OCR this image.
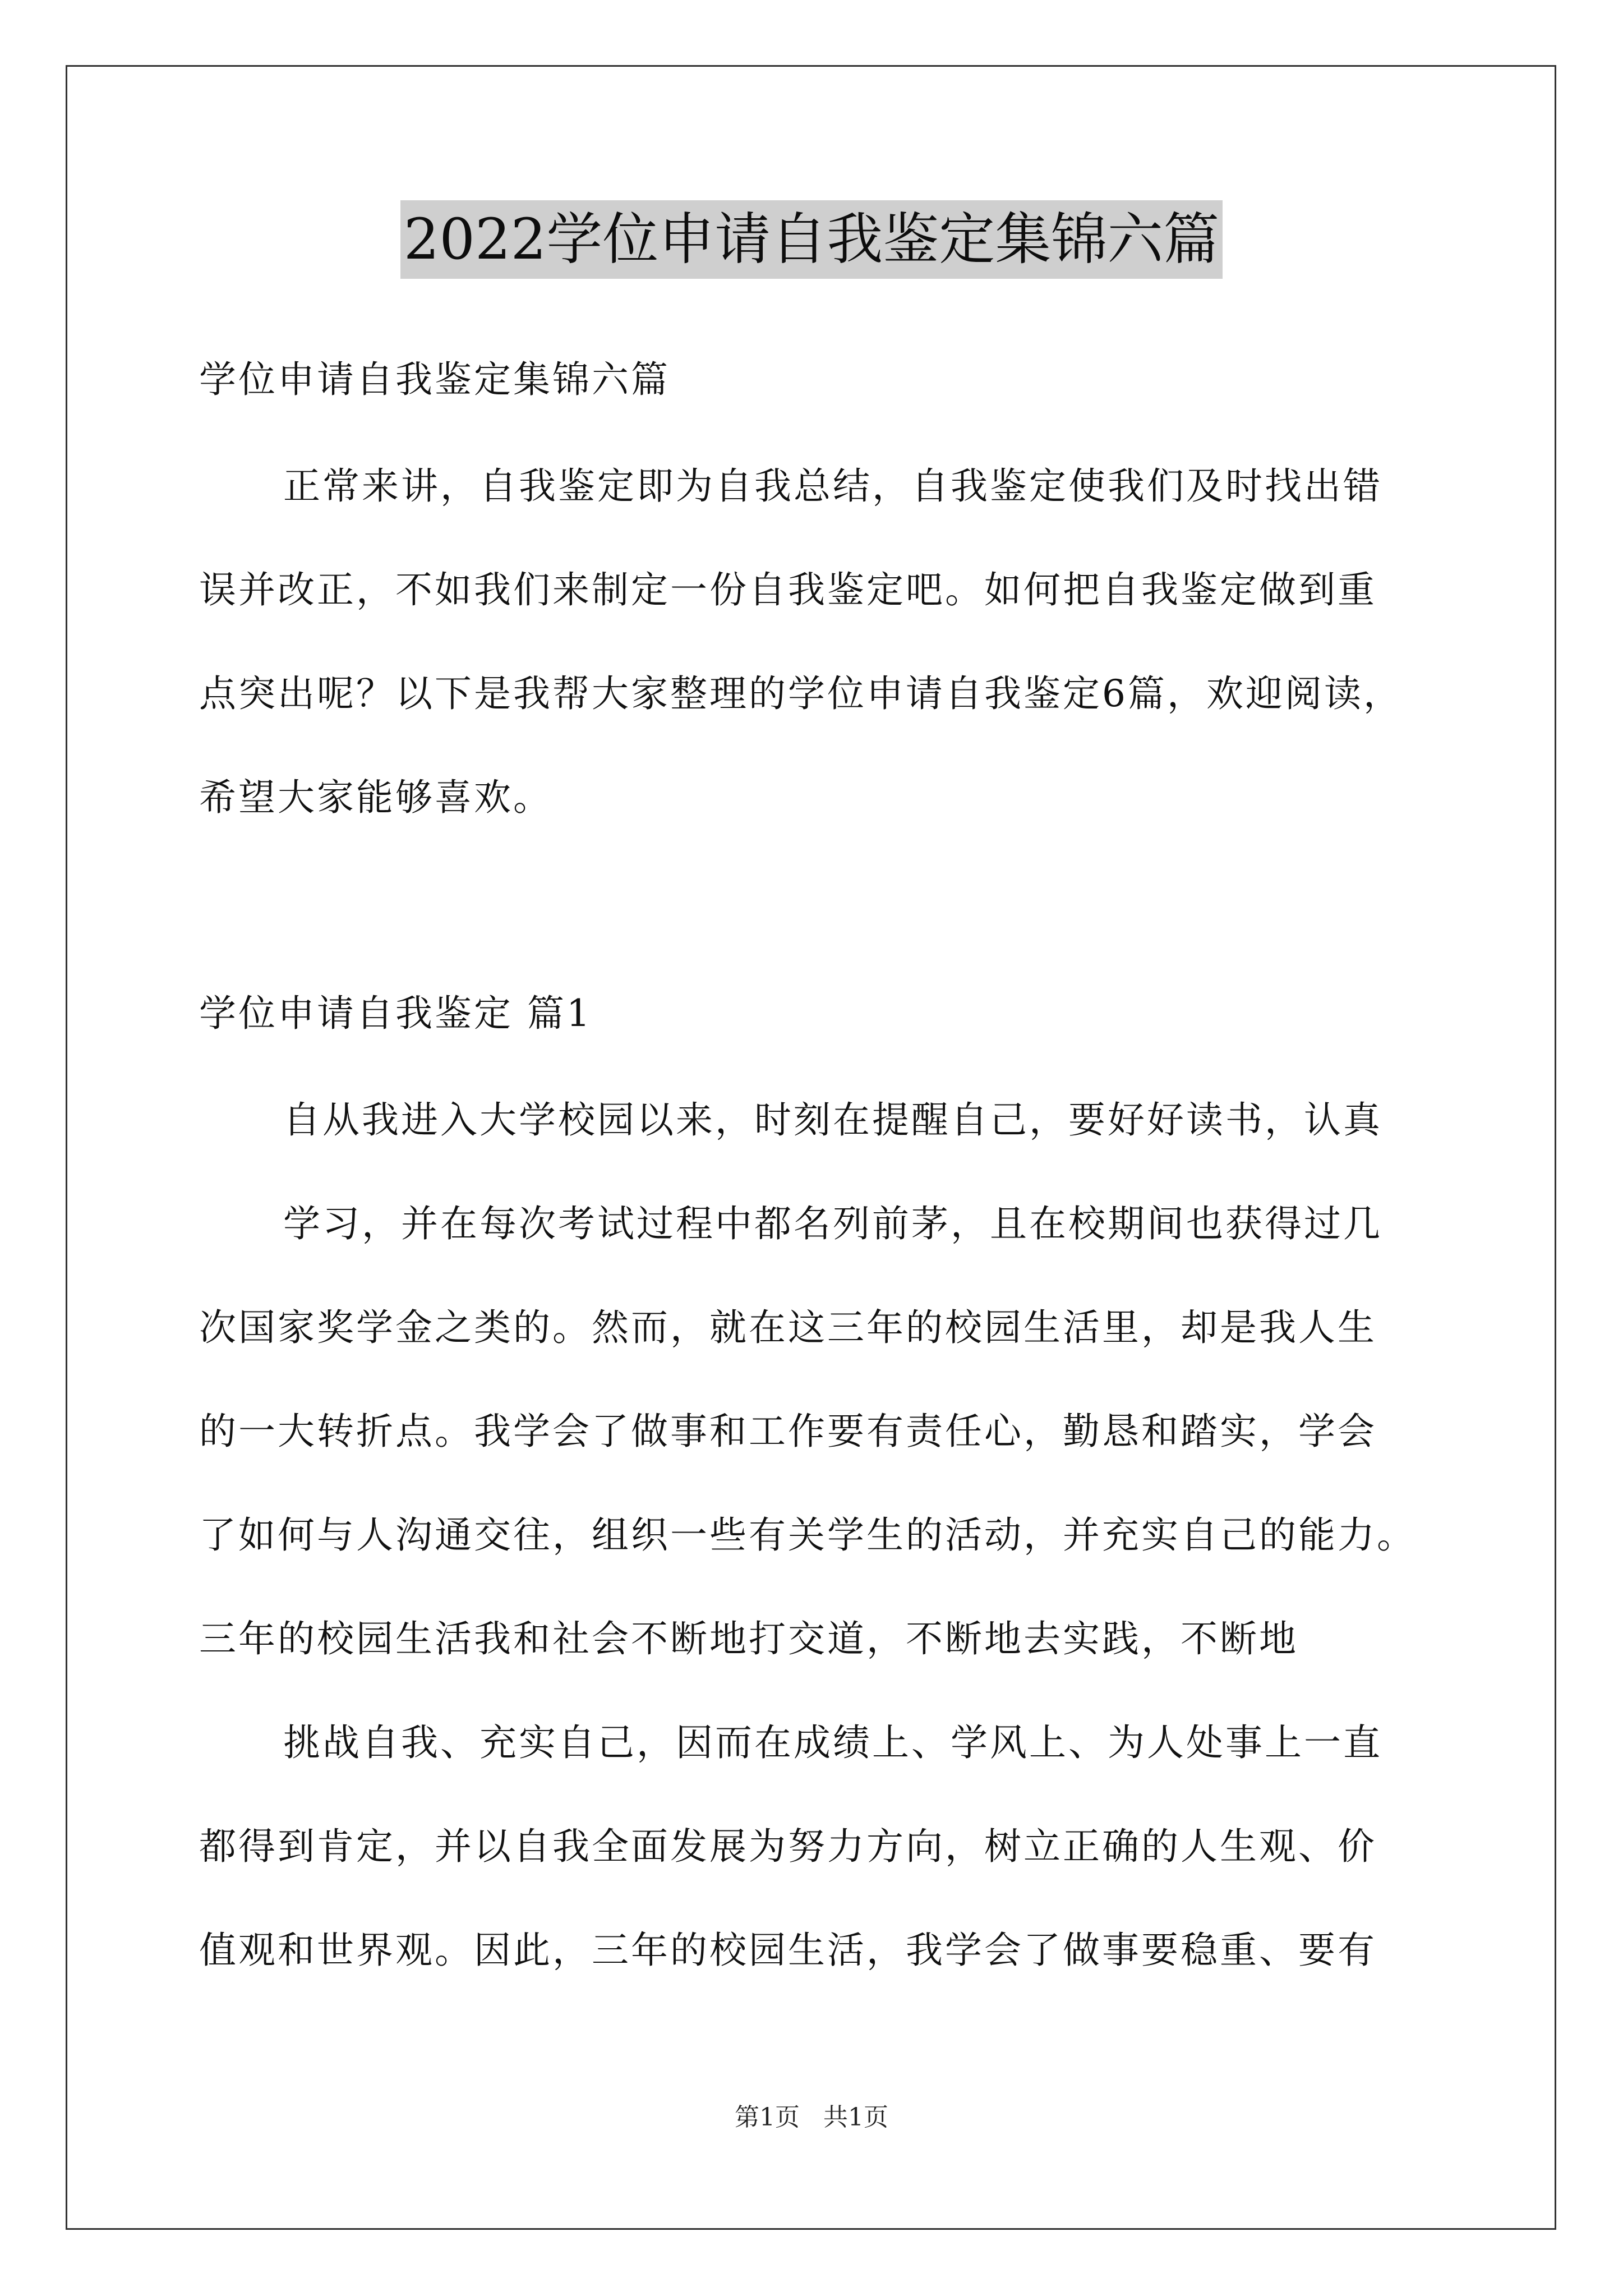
2022学位申请自我鉴定集锦六篇
学位申请自我鉴定集锦六篇
正常来讲，自我鉴定即为自我总结，自我鉴定使我们及时找出错
误并改正，不如我们来制定一份自我鉴定吧。如何把自我鉴定做到重
点突出呢？以下是我帮大家整理的学位申请自我鉴定6篇，欢迎阅读，
希望大家能够喜欢。
学位申请自我鉴定 篇1
自从我进入大学校园以来，时刻在提醒自己，要好好读书，认真
学习，并在每次考试过程中都名列前茅，且在校期间也获得过几
次国家奖学金之类的。然而，就在这三年的校园生活里，却是我人生
的一大转折点。我学会了做事和工作要有责任心，勤恳和踏实，学会
了如何与人沟通交往，组织一些有关学生的活动，并充实自己的能力。
三年的校园生活我和社会不断地打交道，不断地去实践，不断地
挑战自我、充实自己，因而在成绩上、学风上、为人处事上一直
都得到肯定，并以自我全面发展为努力方向，树立正确的人生观、价
值观和世界观。因此，三年的校园生活，我学会了做事要稳重、要有
第1页   共1页
